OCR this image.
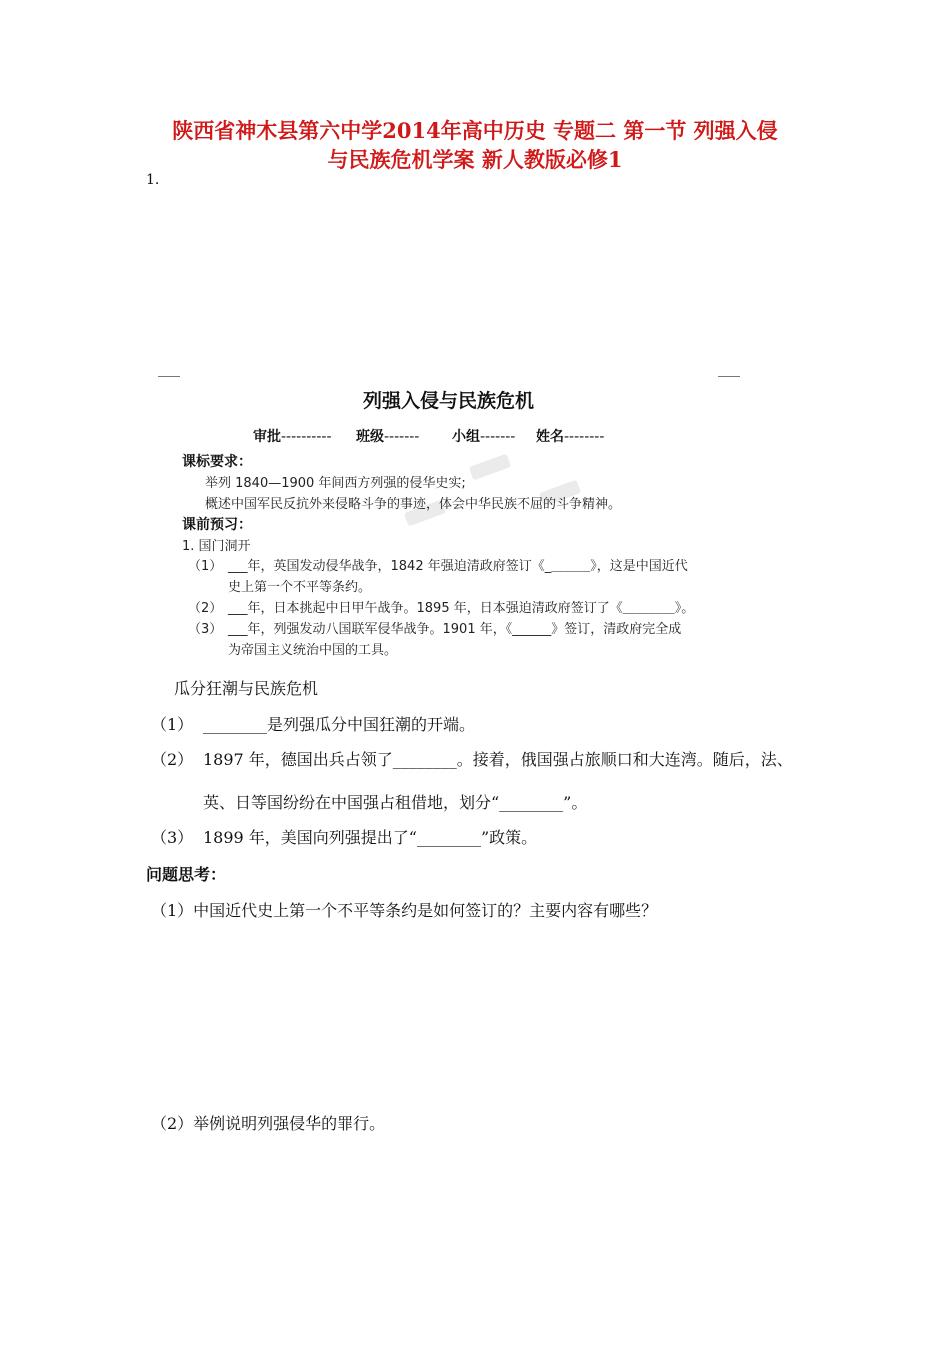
陕西省神木县第六中学2014年高中历史 专题二 第一节 列强入侵
与民族危机学案 新人教版必修1
1.
列强入侵与民族危机
审批---------- 班级------- 小组------- 姓名--------
课标要求：
举列 1840—1900 年间西方列强的侵华史实;
概述中国军民反抗外来侵略斗争的事迹，体会中华民族不屈的斗争精神。
课前预习：
1. 国门洞开
（1） ___年，英国发动侵华战争，1842 年强迫清政府签订《_＿＿＿》，这是中国近代
史上第一个不平等条约。
（2） ___年，日本挑起中日甲午战争。1895 年，日本强迫清政府签订了《＿＿＿＿》。
（3） ___年，列强发动八国联军侵华战争。1901 年，《______》签订，清政府完全成
为帝国主义统治中国的工具。
瓜分狂潮与民族危机
（1） ________是列强瓜分中国狂潮的开端。
（2） 1897 年，德国出兵占领了________。接着，俄国强占旅顺口和大连湾。随后，法、
英、日等国纷纷在中国强占租借地，划分“________”。
（3） 1899 年，美国向列强提出了“________”政策。
问题思考：
（1）中国近代史上第一个不平等条约是如何签订的？主要内容有哪些？
（2）举例说明列强侵华的罪行。
